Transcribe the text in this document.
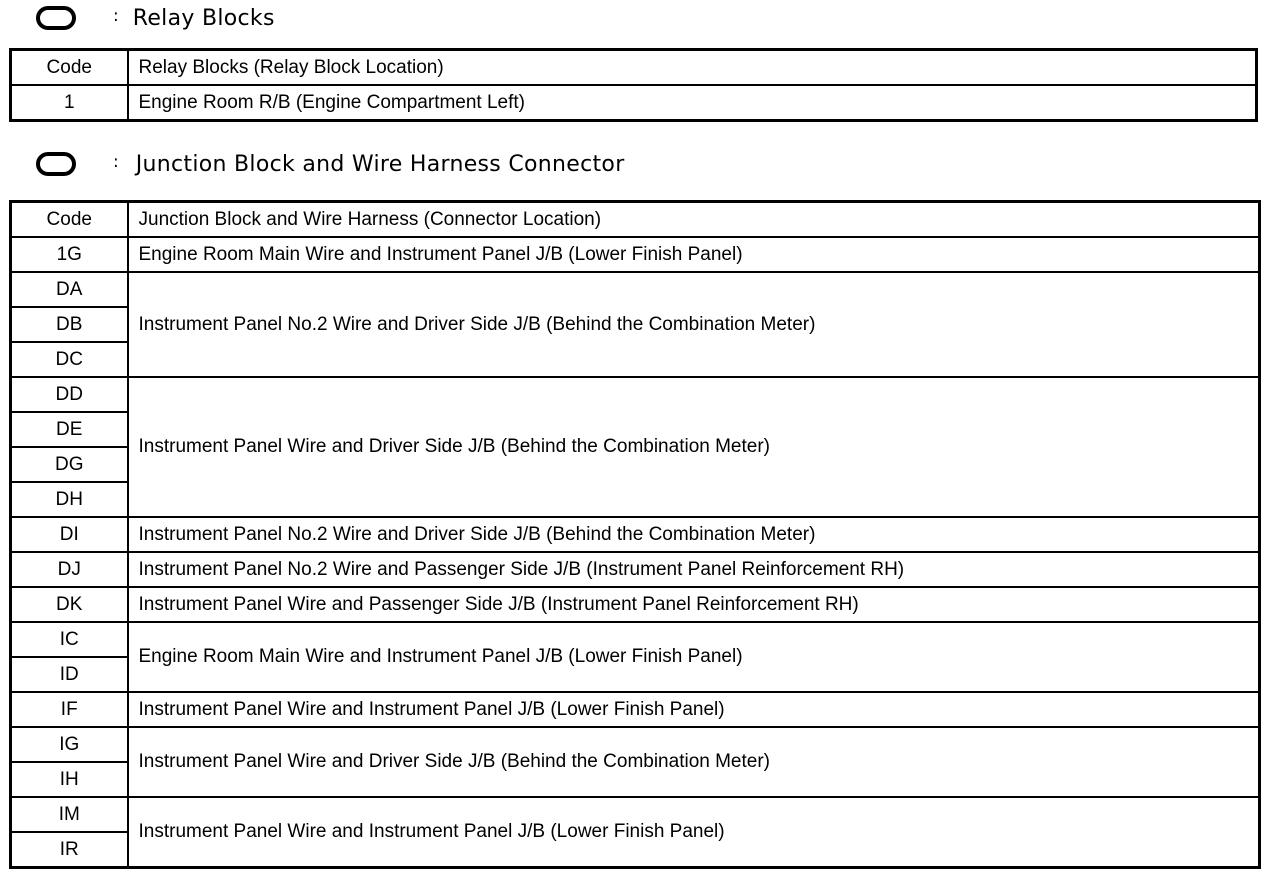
: Relay Blocks
Code	Relay Blocks (Relay Block Location)
1	Engine Room R/B (Engine Compartment Left)
: Junction Block and Wire Harness Connector
Code	Junction Block and Wire Harness (Connector Location)
1G	Engine Room Main Wire and Instrument Panel J/B (Lower Finish Panel)
DA	Instrument Panel No.2 Wire and Driver Side J/B (Behind the Combination Meter)
DB	
DC	
DD	Instrument Panel Wire and Driver Side J/B (Behind the Combination Meter)
DE	
DG	
DH	
DI	Instrument Panel No.2 Wire and Driver Side J/B (Behind the Combination Meter)
DJ	Instrument Panel No.2 Wire and Passenger Side J/B (Instrument Panel Reinforcement RH)
DK	Instrument Panel Wire and Passenger Side J/B (Instrument Panel Reinforcement RH)
IC	Engine Room Main Wire and Instrument Panel J/B (Lower Finish Panel)
ID	
IF	Instrument Panel Wire and Instrument Panel J/B (Lower Finish Panel)
IG	Instrument Panel Wire and Driver Side J/B (Behind the Combination Meter)
IH	
IM	Instrument Panel Wire and Instrument Panel J/B (Lower Finish Panel)
IR	
